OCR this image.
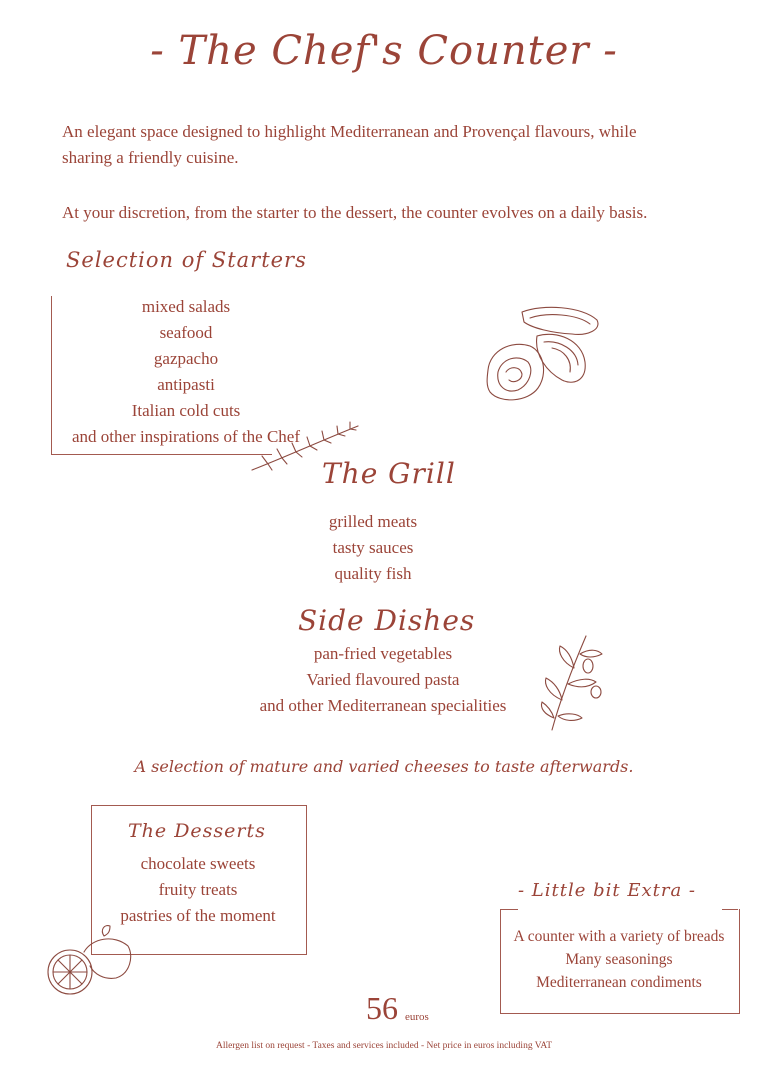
- The Chef's Counter -
An elegant space designed to highlight Mediterranean and Provençal flavours, while
sharing a friendly cuisine.
At your discretion, from the starter to the dessert, the counter evolves on a daily basis.
Selection of Starters
mixed salads
seafood
gazpacho
antipasti
Italian cold cuts
and other inspirations of the Chef
The Grill
grilled meats
tasty sauces
quality fish
Side Dishes
pan-fried vegetables
Varied flavoured pasta
and other Mediterranean specialities
A selection of mature and varied cheeses to taste afterwards.
The Desserts
chocolate sweets
fruity treats
pastries of the moment
- Little bit Extra -
A counter with a variety of breads
Many seasonings
Mediterranean condiments
56 euros
Allergen list on request - Taxes and services included - Net price in euros including VAT
